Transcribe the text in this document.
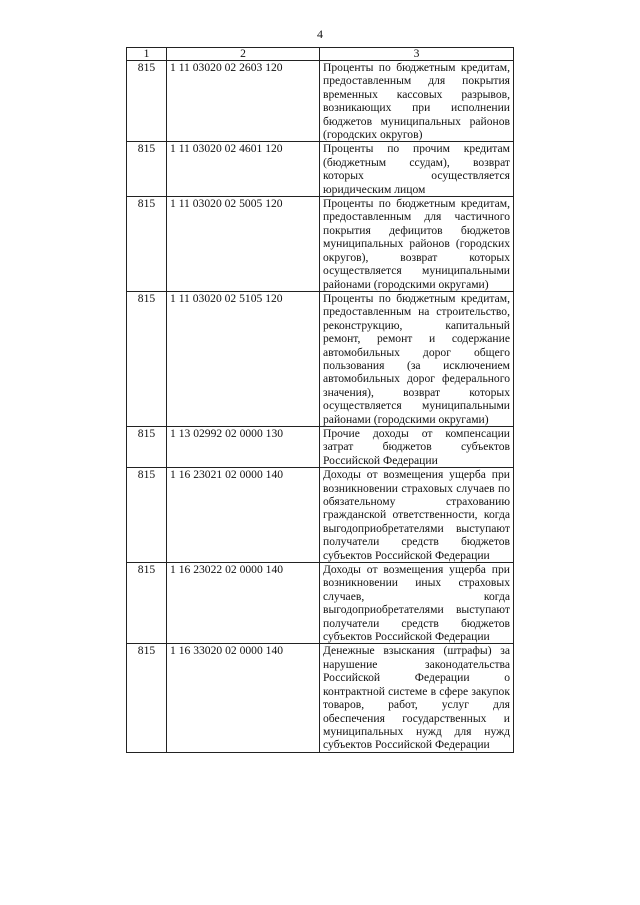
4
1	2	3
815	1 11 03020 02 2603 120	Проценты по бюджетным кредитам, предоставленным для покрытия временных кассовых разрывов, возникающих при исполнении бюджетов муниципальных районов (городских округов)
815	1 11 03020 02 4601 120	Проценты по прочим кредитам (бюджетным ссудам), возврат которых осуществляется юридическим лицом
815	1 11 03020 02 5005 120	Проценты по бюджетным кредитам, предоставленным для частичного покрытия дефицитов бюджетов муниципальных районов (городских округов), возврат которых осуществляется муниципальными районами (городскими округами)
815	1 11 03020 02 5105 120	Проценты по бюджетным кредитам, предоставленным на строительство, реконструкцию, капитальный ремонт, ремонт и содержание автомобильных дорог общего пользования (за исключением автомобильных дорог федерального значения), возврат которых осуществляется муниципальными районами (городскими округами)
815	1 13 02992 02 0000 130	Прочие доходы от компенсации затрат бюджетов субъектов Российской Федерации
815	1 16 23021 02 0000 140	Доходы от возмещения ущерба при возникновении страховых случаев по обязательному страхованию гражданской ответственности, когда выгодоприобретателями выступают получатели средств бюджетов субъектов Российской Федерации
815	1 16 23022 02 0000 140	Доходы от возмещения ущерба при возникновении иных страховых случаев, когда выгодоприобретателями выступают получатели средств бюджетов субъектов Российской Федерации
815	1 16 33020 02 0000 140	Денежные взыскания (штрафы) за нарушение законодательства Российской Федерации о контрактной системе в сфере закупок товаров, работ, услуг для обеспечения государственных и муниципальных нужд для нужд субъектов Российской Федерации
